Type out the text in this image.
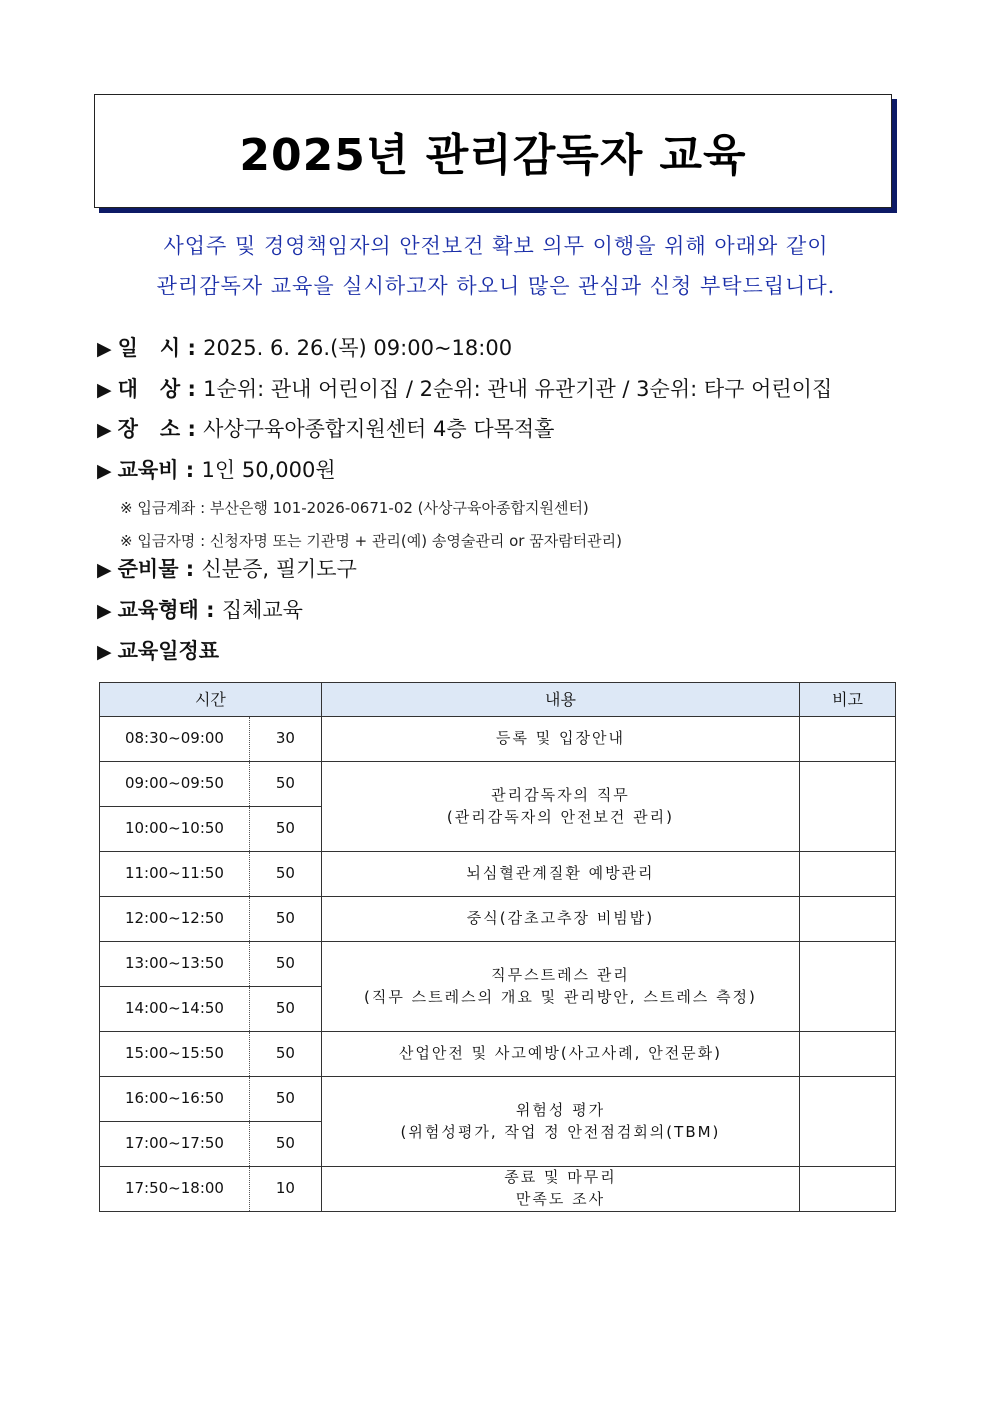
2025년 관리감독자 교육
사업주 및 경영책임자의 안전보건 확보 의무 이행을 위해 아래와 같이
관리감독자 교육을 실시하고자 하오니 많은 관심과 신청 부탁드립니다.
▶ 일   시 : 2025. 6. 26.(목) 09:00~18:00
▶ 대   상 : 1순위: 관내 어린이집 / 2순위: 관내 유관기관 / 3순위: 타구 어린이집
▶ 장   소 : 사상구육아종합지원센터 4층 다목적홀
▶ 교육비 : 1인 50,000원
※ 입금계좌 : 부산은행 101-2026-0671-02 (사상구육아종합지원센터)
※ 입금자명 : 신청자명 또는 기관명 + 관리(예) 송영술관리 or 꿈자람터관리)
▶ 준비물 : 신분증, 필기도구
▶ 교육형태 : 집체교육
▶ 교육일정표
시간		내용	비고
08:30~09:00	30	등록 및 입장안내	
09:00~09:50	50	관리감독자의 직무
(관리감독자의 안전보건 관리)	
10:00~10:50	50		
11:00~11:50	50	뇌심혈관계질환 예방관리	
12:00~12:50	50	중식(감초고추장 비빔밥)	
13:00~13:50	50	직무스트레스 관리
(직무 스트레스의 개요 및 관리방안, 스트레스 측정)	
14:00~14:50	50		
15:00~15:50	50	산업안전 및 사고예방(사고사례, 안전문화)	
16:00~16:50	50	위험성 평가
(위험성평가, 작업 정 안전점검회의(TBM)	
17:00~17:50	50		
17:50~18:00	10	종료 및 마무리
만족도 조사	
